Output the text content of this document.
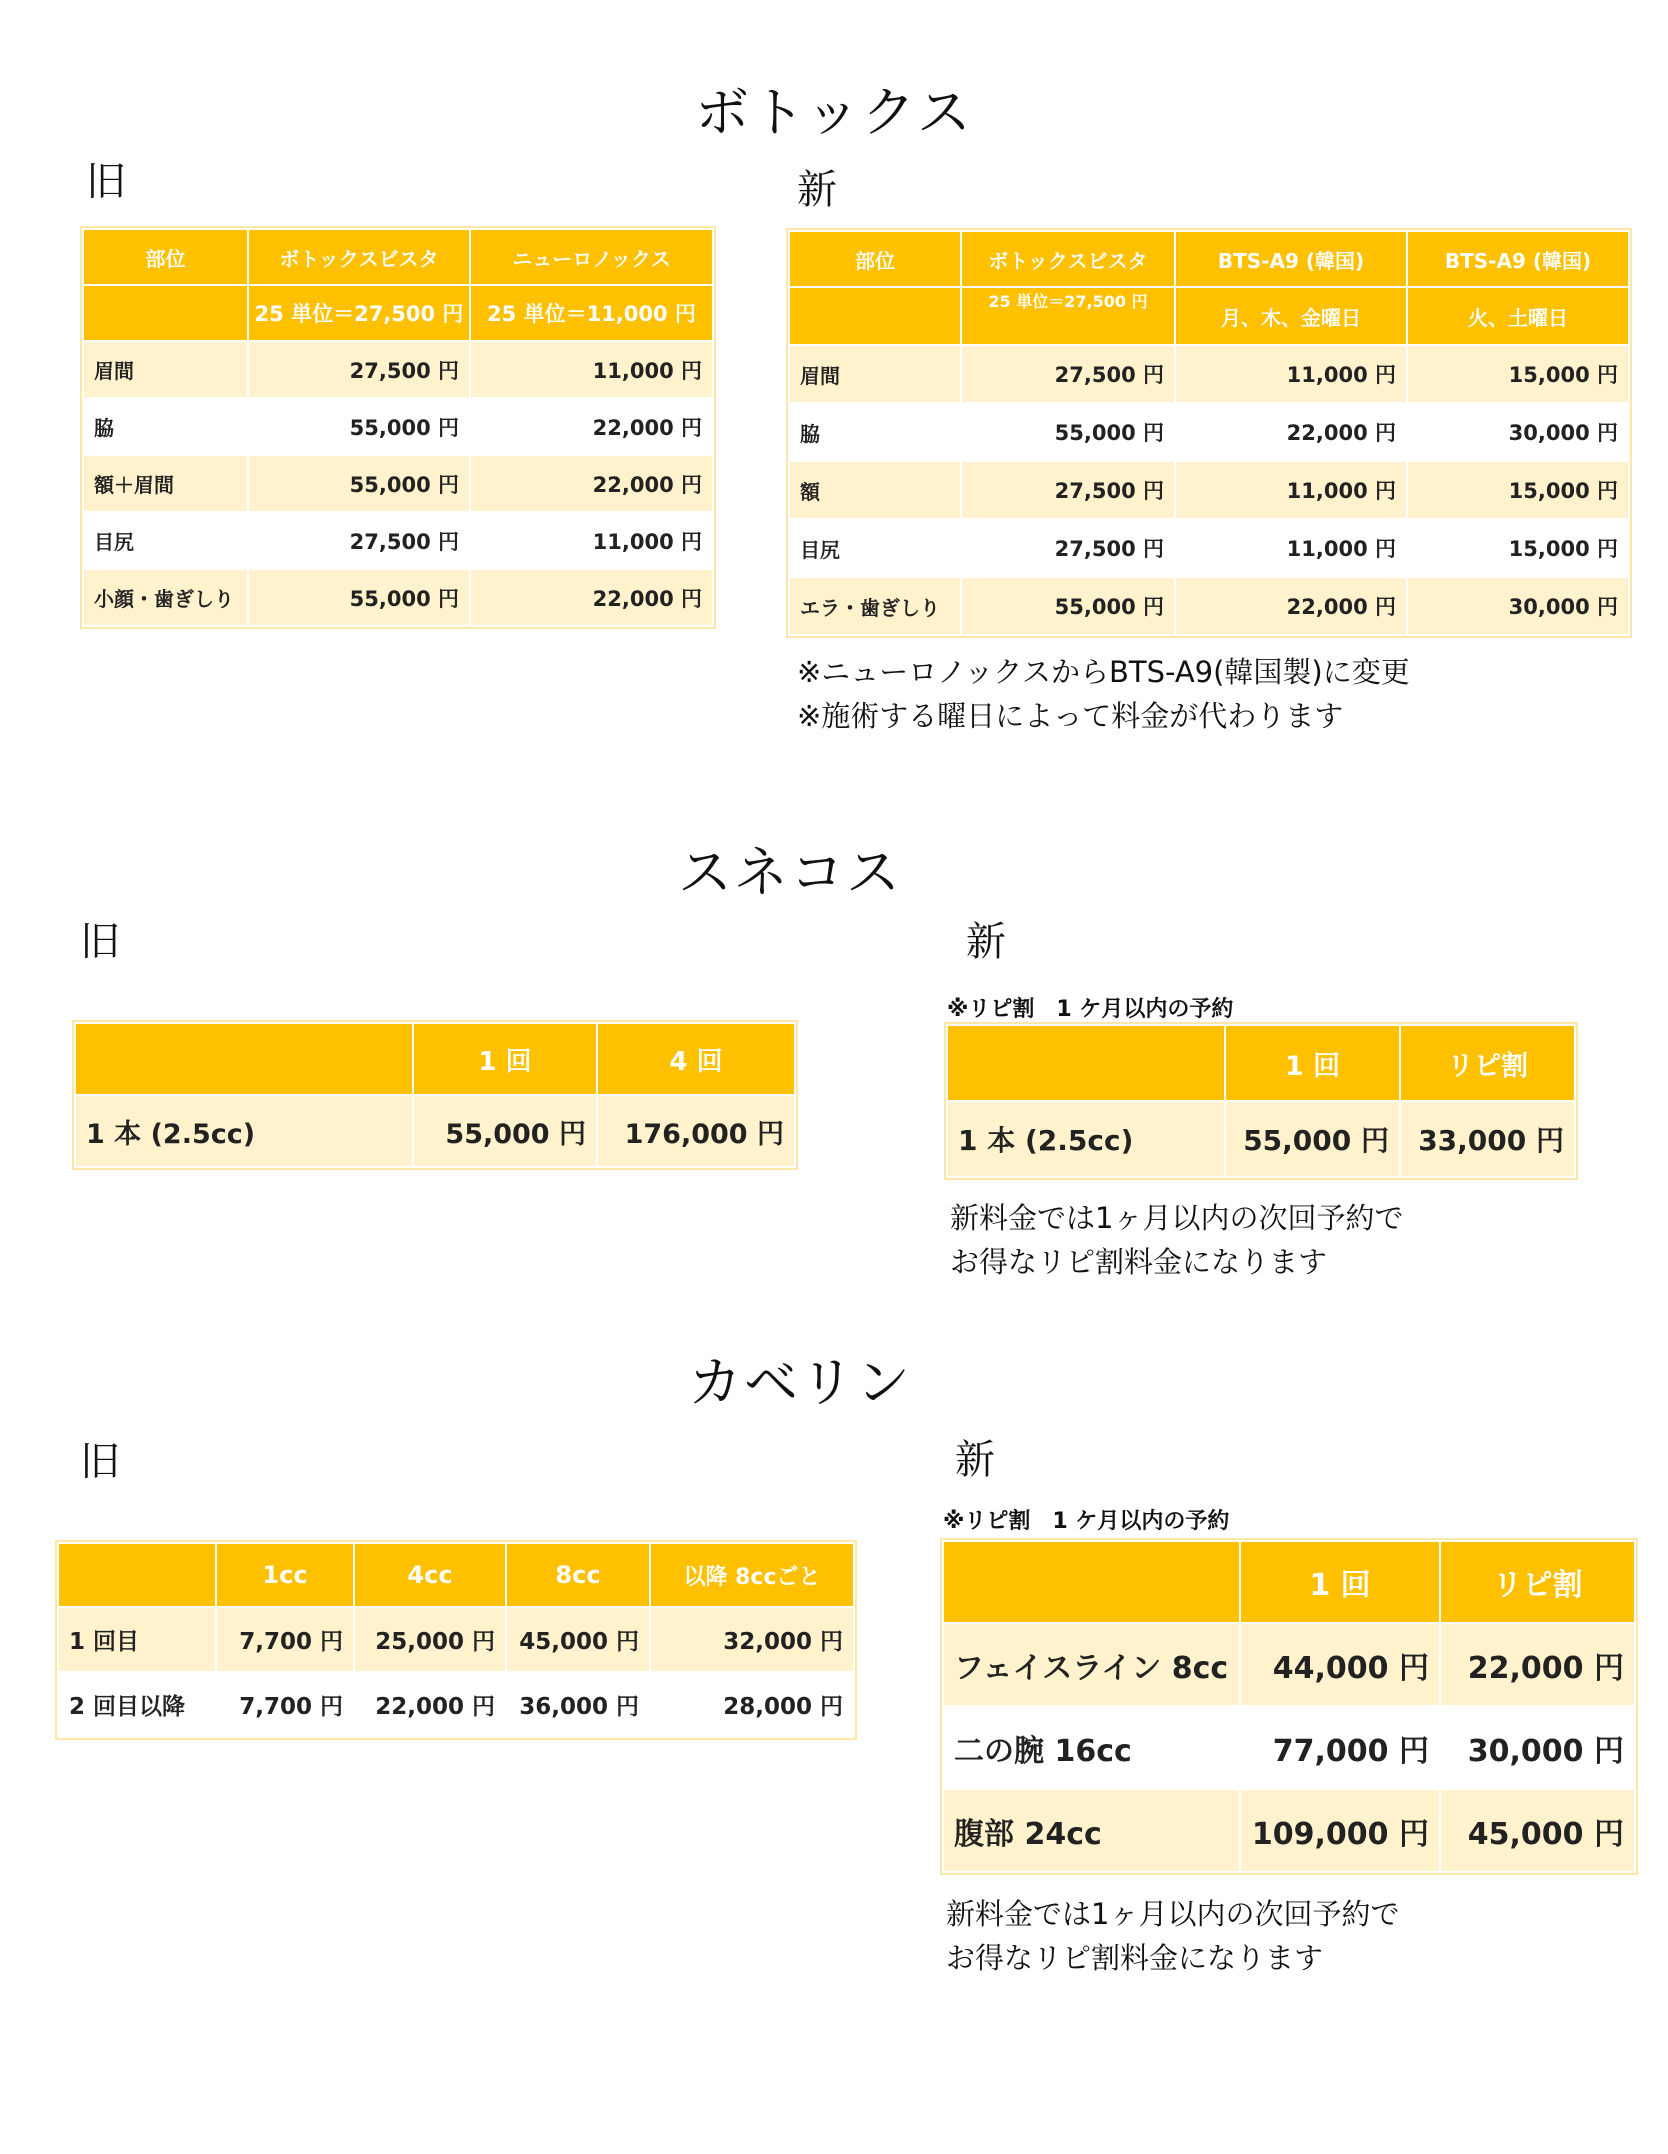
ボトックス
旧	新
部位	ボトックスビスタ	ニューロノックス
	25 単位＝27,500 円	25 単位＝11,000 円
眉間	27,500 円	11,000 円
脇	55,000 円	22,000 円
額＋眉間	55,000 円	22,000 円
目尻	27,500 円	11,000 円
小顔・歯ぎしり	55,000 円	22,000 円
部位	ボトックスビスタ	BTS-A9 (韓国)	BTS-A9 (韓国)
	25 単位＝27,500 円	月、木、金曜日	火、土曜日
眉間	27,500 円	11,000 円	15,000 円
脇	55,000 円	22,000 円	30,000 円
額	27,500 円	11,000 円	15,000 円
目尻	27,500 円	11,000 円	15,000 円
エラ・歯ぎしり	55,000 円	22,000 円	30,000 円
※ニューロノックスからBTS-A9(韓国製)に変更
※施術する曜日によって料金が代わります
スネコス
旧	新
	1 回	4 回
1 本 (2.5cc)	55,000 円	176,000 円
※リピ割　1 ケ月以内の予約
	1 回	リピ割
1 本 (2.5cc)	55,000 円	33,000 円
新料金では1ヶ月以内の次回予約で
お得なリピ割料金になります
カベリン
旧	新
	1cc	4cc	8cc	以降 8ccごと
1 回目	7,700 円	25,000 円	45,000 円	32,000 円
2 回目以降	7,700 円	22,000 円	36,000 円	28,000 円
※リピ割　1 ケ月以内の予約
	1 回	リピ割
フェイスライン 8cc	44,000 円	22,000 円
二の腕 16cc	77,000 円	30,000 円
腹部 24cc	109,000 円	45,000 円
新料金では1ヶ月以内の次回予約で
お得なリピ割料金になります
